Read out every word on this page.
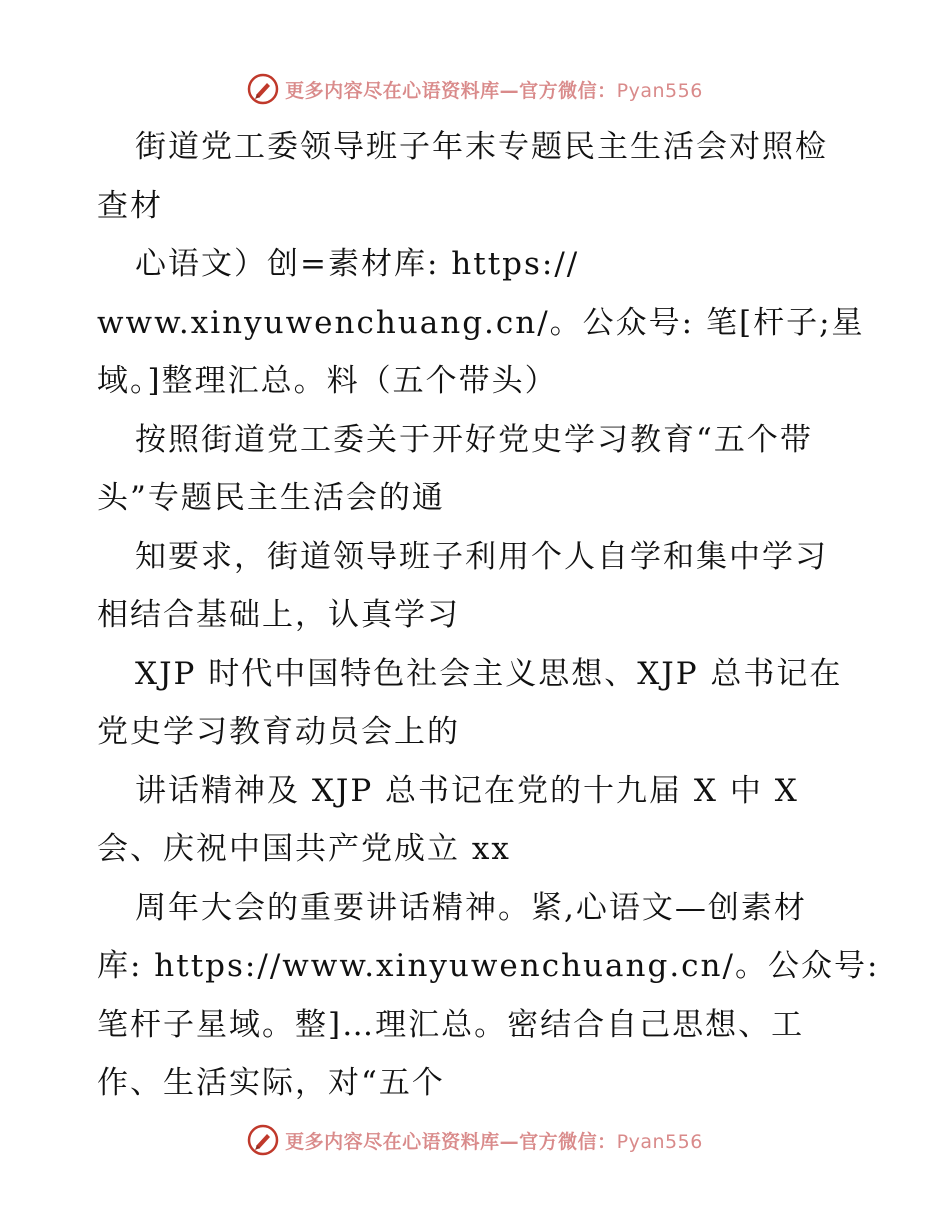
更多内容尽在心语资料库—官方微信：Pyan556
街道党工委领导班子年末专题民主生活会对照检
查材
心语文）创=素材库: https://
www.xinyuwenchuang.cn/。公众号: 笔[杆子;星
域。]整理汇总。料（五个带头）
按照街道党工委关于开好党史学习教育“五个带
头”专题民主生活会的通
知要求，街道领导班子利用个人自学和集中学习
相结合基础上，认真学习
XJP 时代中国特色社会主义思想、XJP 总书记在
党史学习教育动员会上的
讲话精神及 XJP 总书记在党的十九届 X 中 X
会、庆祝中国共产党成立 xx
周年大会的重要讲话精神。紧,心语文—创素材
库: https://www.xinyuwenchuang.cn/。公众号:
笔杆子星域。整]…理汇总。密结合自己思想、工
作、生活实际，对“五个
更多内容尽在心语资料库—官方微信：Pyan556
